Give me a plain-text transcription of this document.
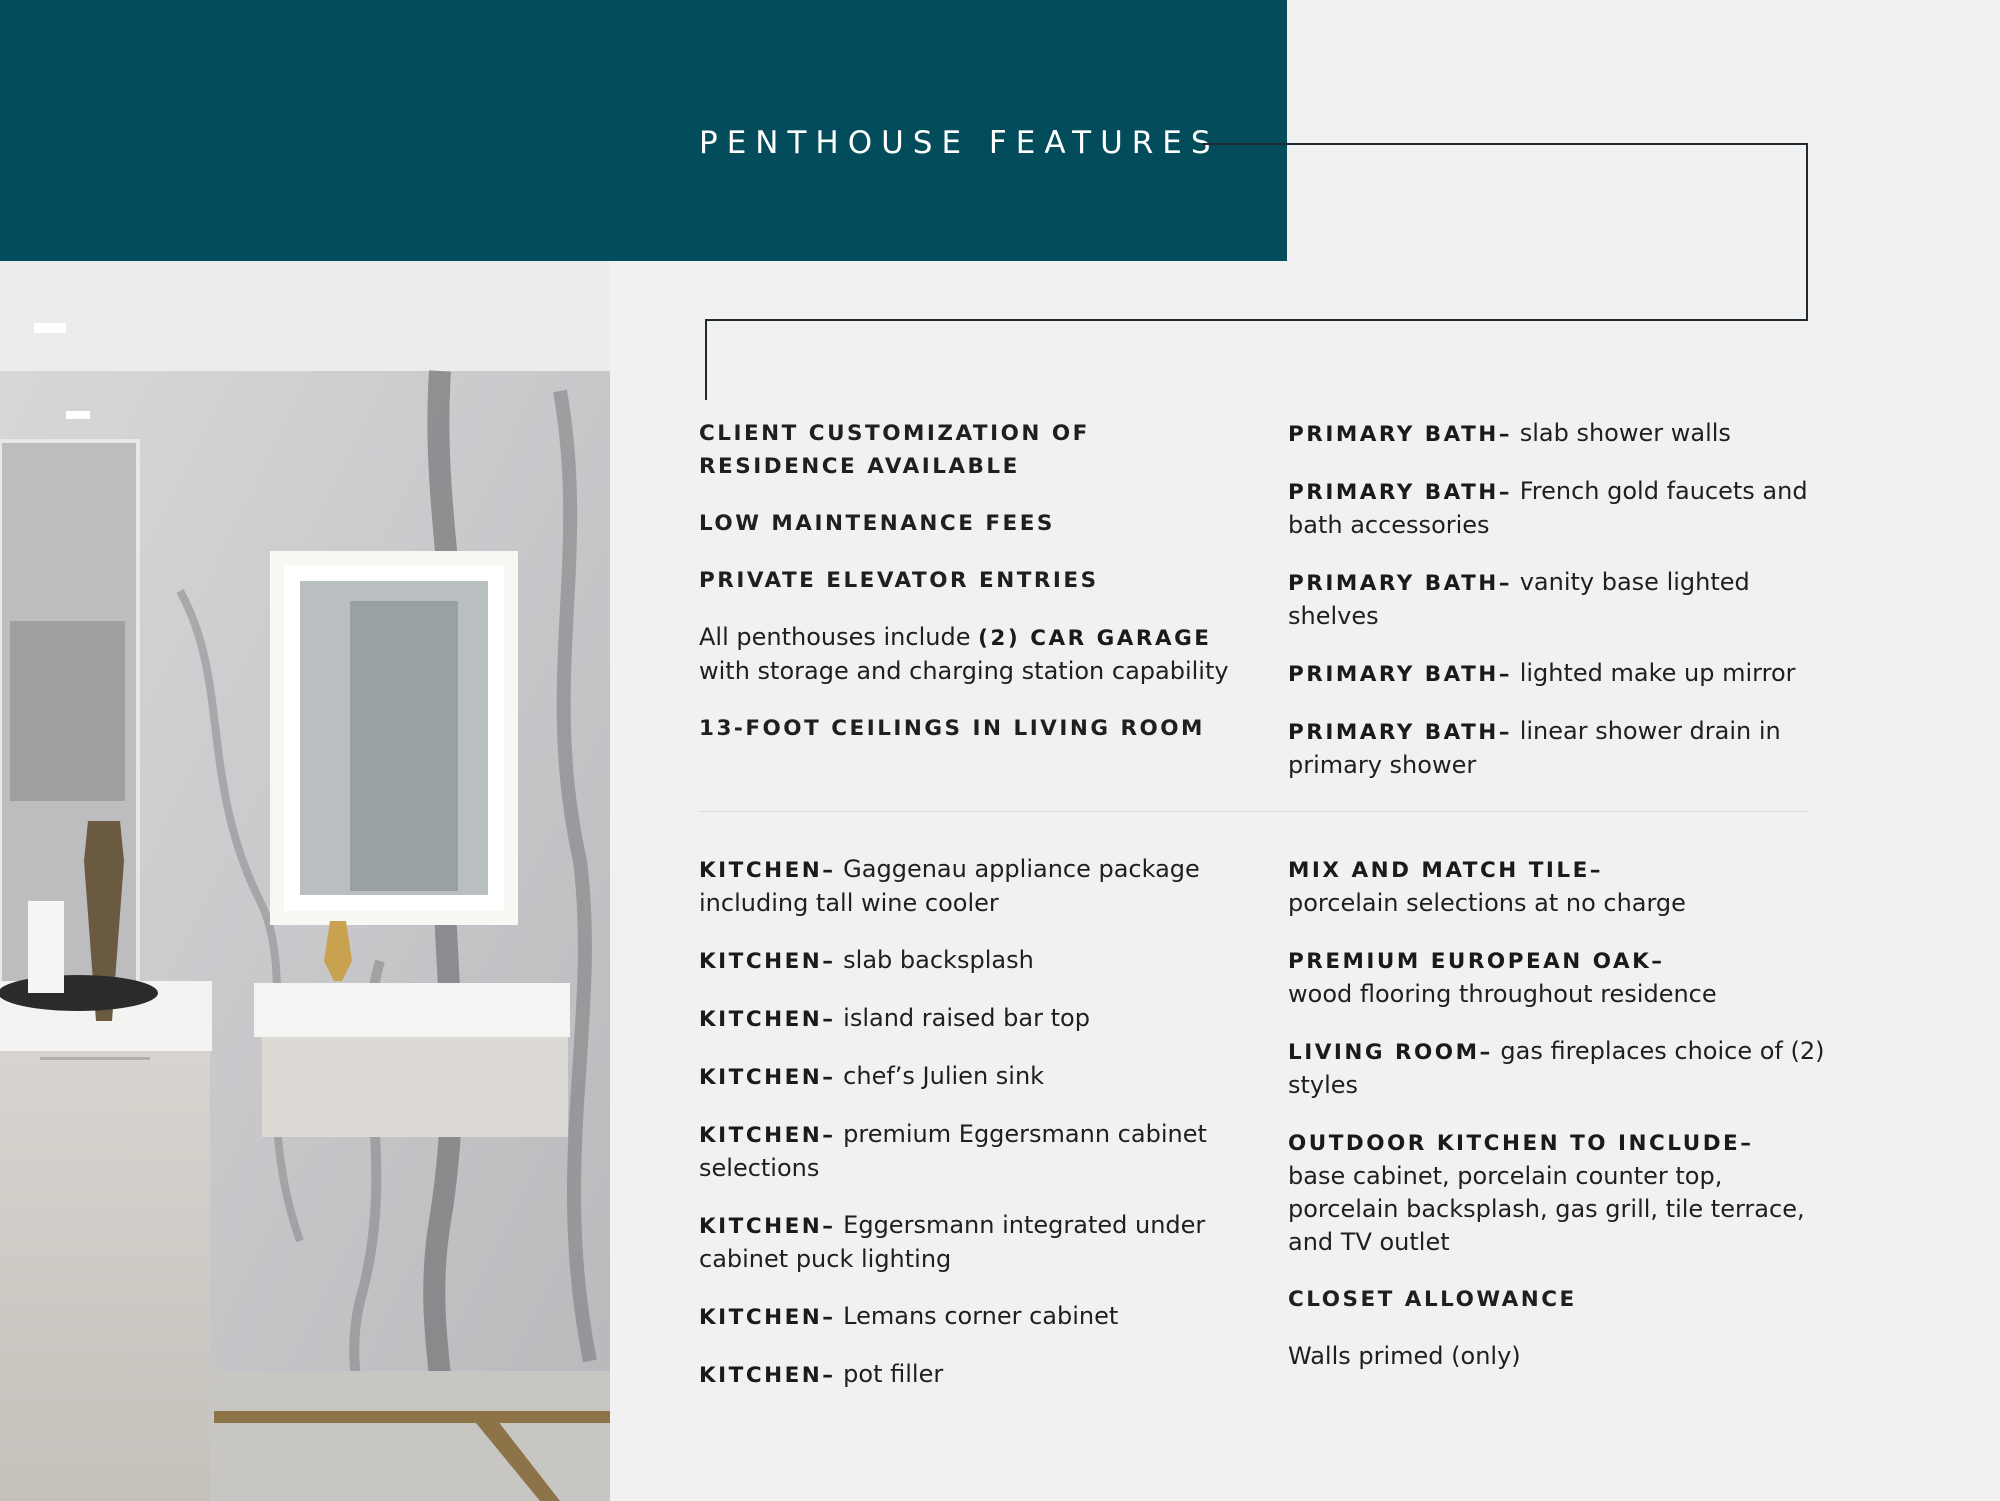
PENTHOUSE FEATURES
CLIENT CUSTOMIZATION OF RESIDENCE AVAILABLE
LOW MAINTENANCE FEES
PRIVATE ELEVATOR ENTRIES
All penthouses include (2) CAR GARAGE with storage and charging station capability
13-FOOT CEILINGS IN LIVING ROOM
PRIMARY BATH– slab shower walls
PRIMARY BATH– French gold faucets and bath accessories
PRIMARY BATH– vanity base lighted shelves
PRIMARY BATH– lighted make up mirror
PRIMARY BATH– linear shower drain in primary shower
KITCHEN– Gaggenau appliance package including tall wine cooler
KITCHEN– slab backsplash
KITCHEN– island raised bar top
KITCHEN– chef’s Julien sink
KITCHEN– premium Eggersmann cabinet selections
KITCHEN– Eggersmann integrated under cabinet puck lighting
KITCHEN– Lemans corner cabinet
KITCHEN– pot filler
MIX AND MATCH TILE–
porcelain selections at no charge
PREMIUM EUROPEAN OAK–
wood flooring throughout residence
LIVING ROOM– gas fireplaces choice of (2) styles
OUTDOOR KITCHEN TO INCLUDE–
base cabinet, porcelain counter top, porcelain backsplash, gas grill, tile terrace, and TV outlet
CLOSET ALLOWANCE
Walls primed (only)
